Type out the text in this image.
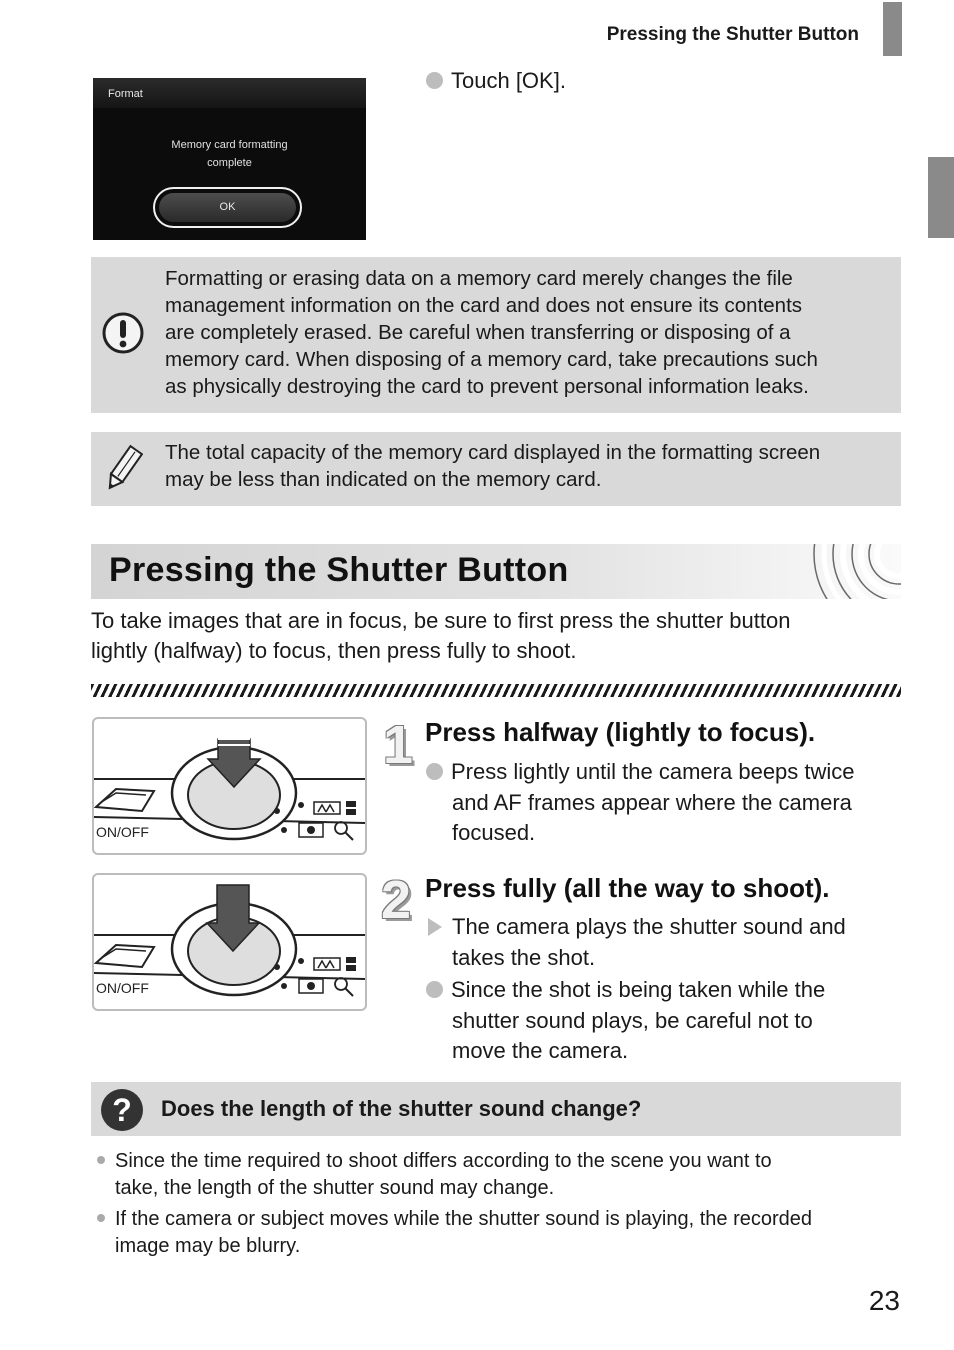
Pressing the Shutter Button
Format
Memory card formatting
complete
OK
Touch [OK].
Formatting or erasing data on a memory card merely changes the file
management information on the card and does not ensure its contents
are completely erased. Be careful when transferring or disposing of a
memory card. When disposing of a memory card, take precautions such
as physically destroying the card to prevent personal information leaks.
The total capacity of the memory card displayed in the formatting screen
may be less than indicated on the memory card.
Pressing the Shutter Button
To take images that are in focus, be sure to first press the shutter button
lightly (halfway) to focus, then press fully to shoot.
ON/OFF
ON/OFF
1 Press halfway (lightly to focus).
Press lightly until the camera beeps twice
and AF frames appear where the camera
focused.
2 Press fully (all the way to shoot).
The camera plays the shutter sound and
takes the shot.
Since the shot is being taken while the
shutter sound plays, be careful not to
move the camera.
?	Does the length of the shutter sound change?
Since the time required to shoot differs according to the scene you want to
take, the length of the shutter sound may change.
If the camera or subject moves while the shutter sound is playing, the recorded
image may be blurry.
23
